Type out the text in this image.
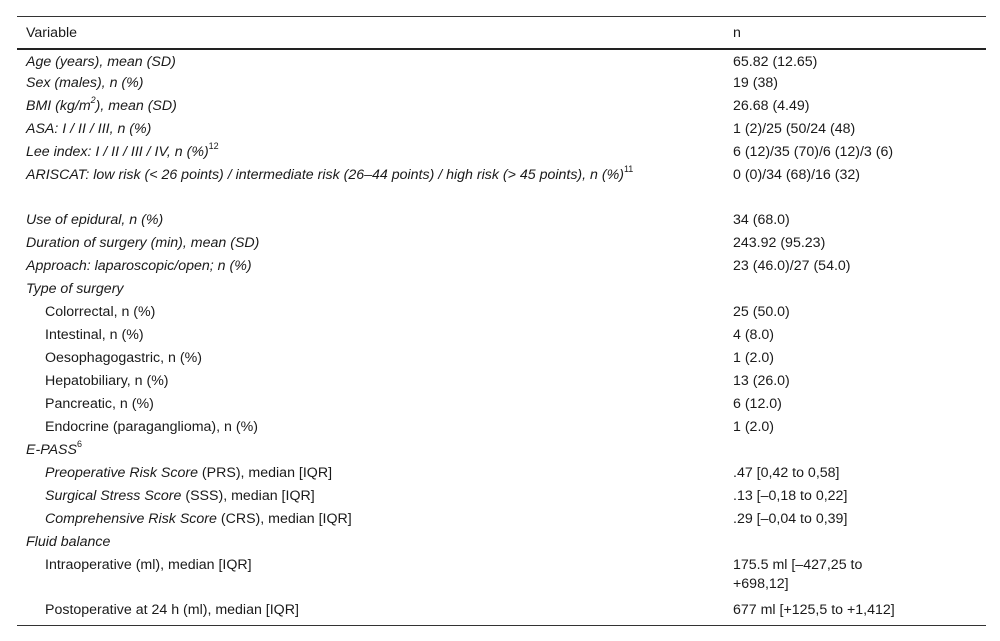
Variable	n
Age (years), mean (SD)	65.82 (12.65)
Sex (males), n (%)	19 (38)
BMI $(kg/m^2)$, mean (SD)	26.68 (4.49)
ASA: I / II / III, n (%)	1 (2)/25 (50/24 (48)
Lee index: I / II / III / IV, n (%)$^{12}$	6 (12)/35 (70)/6 (12)/3 (6)
ARISCAT: low risk (< 26 points) / intermediate risk (26–44 points) / high risk (> 45 points), n (%)$^{11}$	0 (0)/34 (68)/16 (32)
Use of epidural, n (%)	34 (68.0)
Duration of surgery (min), mean (SD)	243.92 (95.23)
Approach: laparoscopic/open; n (%)	23 (46.0)/27 (54.0)
Type of surgery	
Colorrectal, n (%)	25 (50.0)
Intestinal, n (%)	4 (8.0)
Oesophagogastric, n (%)	1 (2.0)
Hepatobiliary, n (%)	13 (26.0)
Pancreatic, n (%)	6 (12.0)
Endocrine (paraganglioma), n (%)	1 (2.0)
E-PASS$^6$	
Preoperative Risk Score (PRS), median [IQR]	.47 [0,42 to 0,58]
Surgical Stress Score (SSS), median [IQR]	.13 [–0,18 to 0,22]
Comprehensive Risk Score (CRS), median [IQR]	.29 [–0,04 to 0,39]
Fluid balance	
Intraoperative (ml), median [IQR]	175.5 ml [–427,25 to +698,12]
Postoperative at 24 h (ml), median [IQR]	677 ml [+125,5 to +1,412]
